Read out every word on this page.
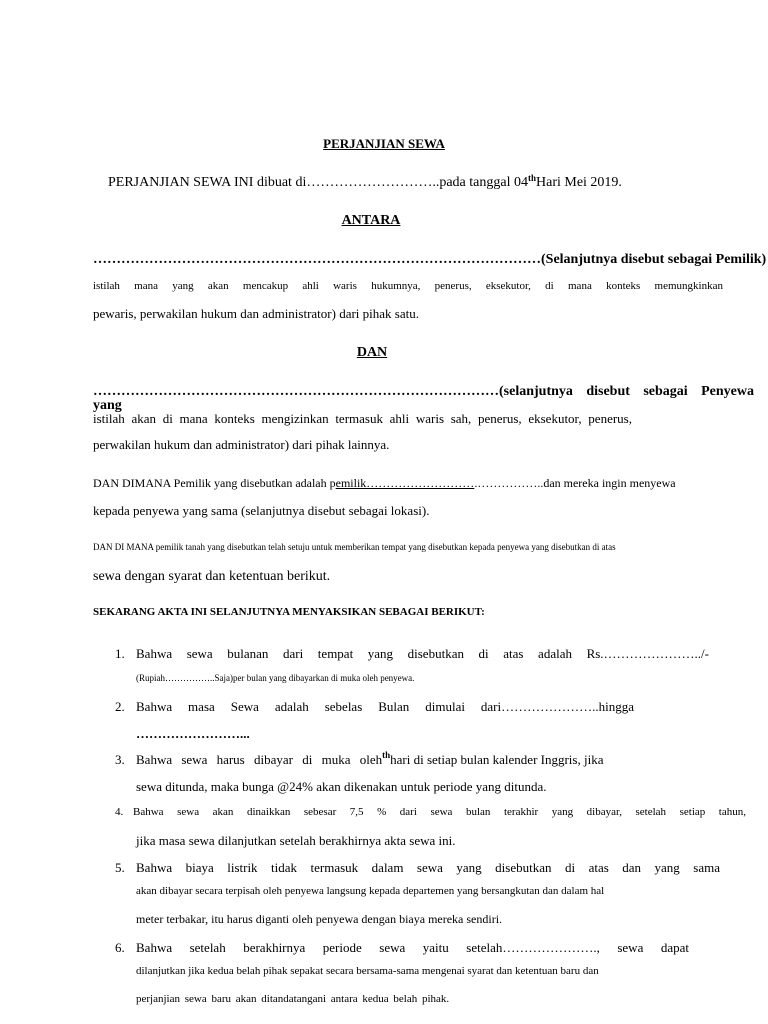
PERJANJIAN SEWA
PERJANJIAN SEWA INI dibuat di………………………..pada tanggal 04thHari Mei 2019.
ANTARA
……………………………………………………………………………………(Selanjutnya disebut sebagai Pemilik)
istilah mana yang akan mencakup ahli waris hukumnya, penerus, eksekutor, di mana konteks memungkinkan
pewaris, perwakilan hukum dan administrator) dari pihak satu.
DAN
……………………………………………………………………………(selanjutnya disebut sebagai Penyewa yang
istilah akan di mana konteks mengizinkan termasuk ahli waris sah, penerus, eksekutor, penerus,
perwakilan hukum dan administrator) dari pihak lainnya.
DAN DIMANA Pemilik yang disebutkan adalah pemilik……………………….……………..dan mereka ingin menyewa
kepada penyewa yang sama (selanjutnya disebut sebagai lokasi).
DAN DI MANA pemilik tanah yang disebutkan telah setuju untuk memberikan tempat yang disebutkan kepada penyewa yang disebutkan di atas
sewa dengan syarat dan ketentuan berikut.
SEKARANG AKTA INI SELANJUTNYA MENYAKSIKAN SEBAGAI BERIKUT:
1. Bahwa sewa bulanan dari tempat yang disebutkan di atas adalah Rs.…………………../-
(Rupiah……………..Saja)per bulan yang dibayarkan di muka oleh penyewa.
2. Bahwa masa Sewa adalah sebelas Bulan dimulai dari…………………..hingga
……………………...
3. Bahwa sewa harus dibayar di muka oleh$^{th}$hari di setiap bulan kalender Inggris, jika
sewa ditunda, maka bunga @24% akan dikenakan untuk periode yang ditunda.
4. Bahwa sewa akan dinaikkan sebesar 7,5 % dari sewa bulan terakhir yang dibayar, setelah setiap tahun,
jika masa sewa dilanjutkan setelah berakhirnya akta sewa ini.
5. Bahwa biaya listrik tidak termasuk dalam sewa yang disebutkan di atas dan yang sama
akan dibayar secara terpisah oleh penyewa langsung kepada departemen yang bersangkutan dan dalam hal
meter terbakar, itu harus diganti oleh penyewa dengan biaya mereka sendiri.
6. Bahwa setelah berakhirnya periode sewa yaitu setelah…………………., sewa dapat
dilanjutkan jika kedua belah pihak sepakat secara bersama-sama mengenai syarat dan ketentuan baru dan
perjanjian sewa baru akan ditandatangani antara kedua belah pihak.
